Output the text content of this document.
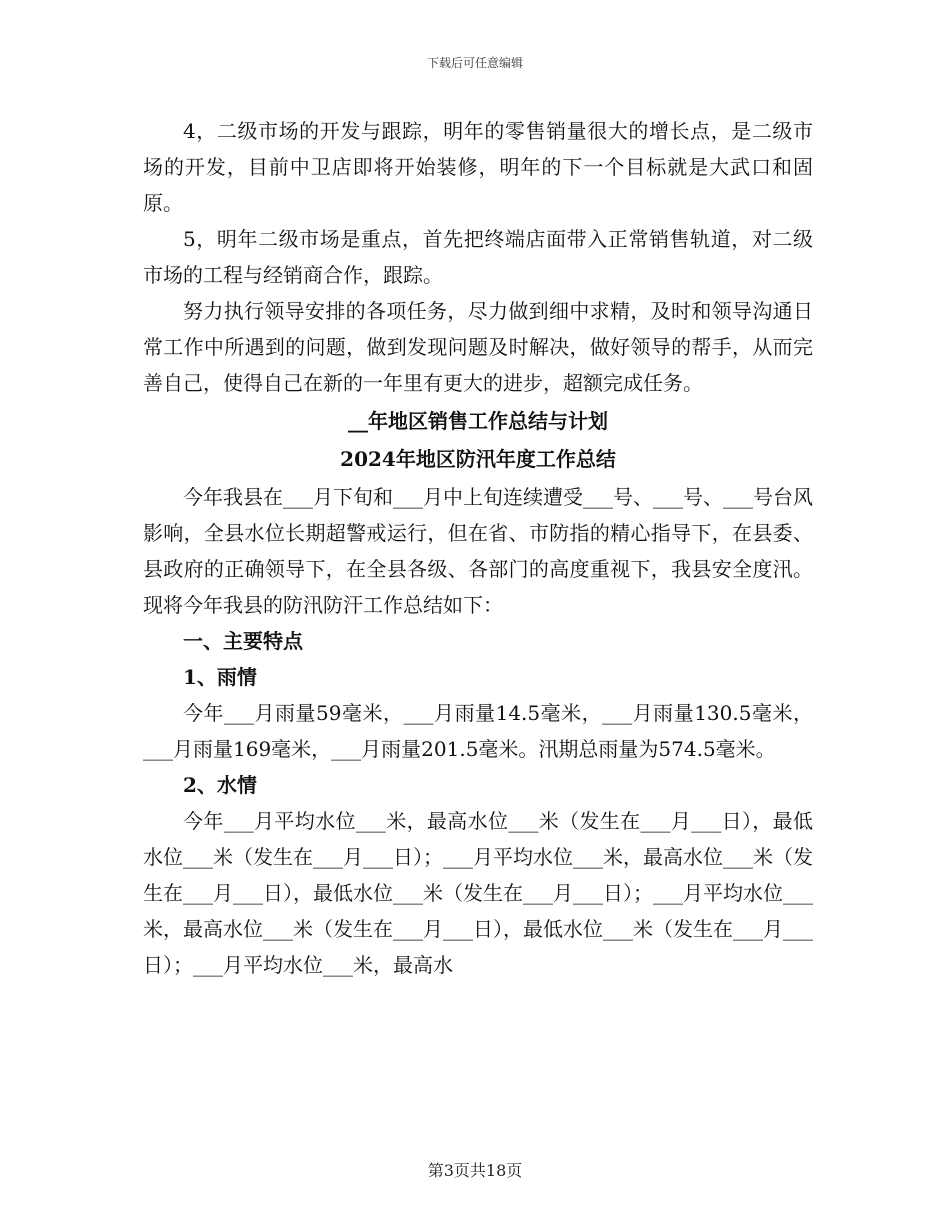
下载后可任意编辑

4，二级市场的开发与跟踪，明年的零售销量很大的增长点，是二级市场的开发，目前中卫店即将开始装修，明年的下一个目标就是大武口和固原。

5，明年二级市场是重点，首先把终端店面带入正常销售轨道，对二级市场的工程与经销商合作，跟踪。

努力执行领导安排的各项任务，尽力做到细中求精，及时和领导沟通日常工作中所遇到的问题，做到发现问题及时解决，做好领导的帮手，从而完善自己，使得自己在新的一年里有更大的进步，超额完成任务。

__年地区销售工作总结与计划

2024年地区防汛年度工作总结

今年我县在___月下旬和___月中上旬连续遭受___号、___号、___号台风影响，全县水位长期超警戒运行，但在省、市防指的精心指导下，在县委、县政府的正确领导下，在全县各级、各部门的高度重视下，我县安全度汛。现将今年我县的防汛防汗工作总结如下：

一、主要特点

1、雨情

今年___月雨量59毫米，___月雨量14.5毫米，___月雨量130.5毫米，___月雨量169毫米，___月雨量201.5毫米。汛期总雨量为574.5毫米。

2、水情

今年___月平均水位___米，最高水位___米（发生在___月___日），最低水位___米（发生在___月___日）；___月平均水位___米，最高水位___米（发生在___月___日），最低水位___米（发生在___月___日）；___月平均水位___米，最高水位___米（发生在___月___日），最低水位___米（发生在___月___日）；___月平均水位___米，最高水

第3页共18页
